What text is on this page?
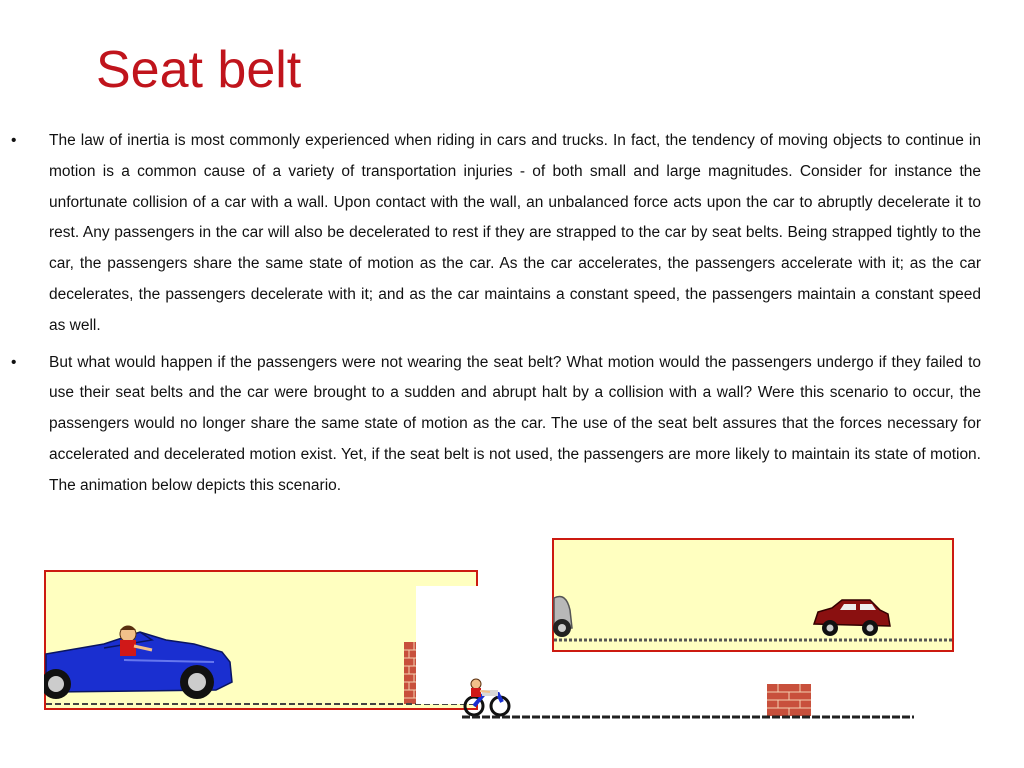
Seat belt
• The law of inertia is most commonly experienced when riding in cars and trucks. In fact, the tendency of moving objects to continue in motion is a common cause of a variety of transportation injuries - of both small and large magnitudes. Consider for instance the unfortunate collision of a car with a wall. Upon contact with the wall, an unbalanced force acts upon the car to abruptly decelerate it to rest. Any passengers in the car will also be decelerated to rest if they are strapped to the car by seat belts. Being strapped tightly to the car, the passengers share the same state of motion as the car. As the car accelerates, the passengers accelerate with it; as the car decelerates, the passengers decelerate with it; and as the car maintains a constant speed, the passengers maintain a constant speed as well.
• But what would happen if the passengers were not wearing the seat belt? What motion would the passengers undergo if they failed to use their seat belts and the car were brought to a sudden and abrupt halt by a collision with a wall? Were this scenario to occur, the passengers would no longer share the same state of motion as the car. The use of the seat belt assures that the forces necessary for accelerated and decelerated motion exist. Yet, if the seat belt is not used, the passengers are more likely to maintain its state of motion. The animation below depicts this scenario.
